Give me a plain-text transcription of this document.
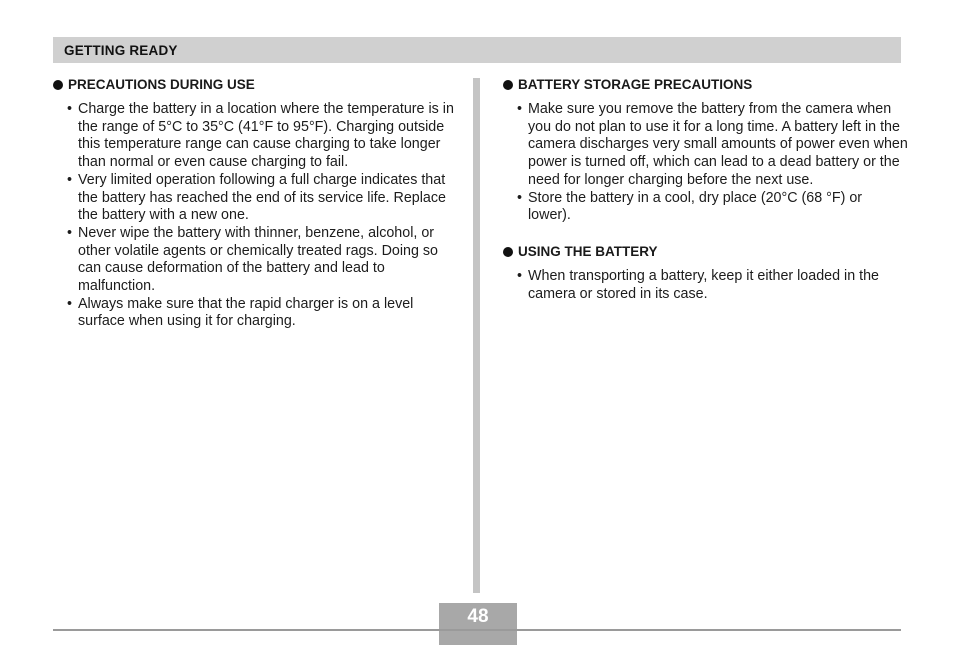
GETTING READY
PRECAUTIONS DURING USE
• Charge the battery in a location where the temperature is in the range of 5°C to 35°C (41°F to 95°F). Charging outside this temperature range can cause charging to take longer than normal or even cause charging to fail.
• Very limited operation following a full charge indicates that the battery has reached the end of its service life. Replace the battery with a new one.
• Never wipe the battery with thinner, benzene, alcohol, or other volatile agents or chemically treated rags. Doing so can cause deformation of the battery and lead to malfunction.
• Always make sure that the rapid charger is on a level surface when using it for charging.
BATTERY STORAGE PRECAUTIONS
• Make sure you remove the battery from the camera when you do not plan to use it for a long time. A battery left in the camera discharges very small amounts of power even when power is turned off, which can lead to a dead battery or the need for longer charging before the next use.
• Store the battery in a cool, dry place (20°C (68 °F) or lower).
USING THE BATTERY
• When transporting a battery, keep it either loaded in the camera or stored in its case.
48
